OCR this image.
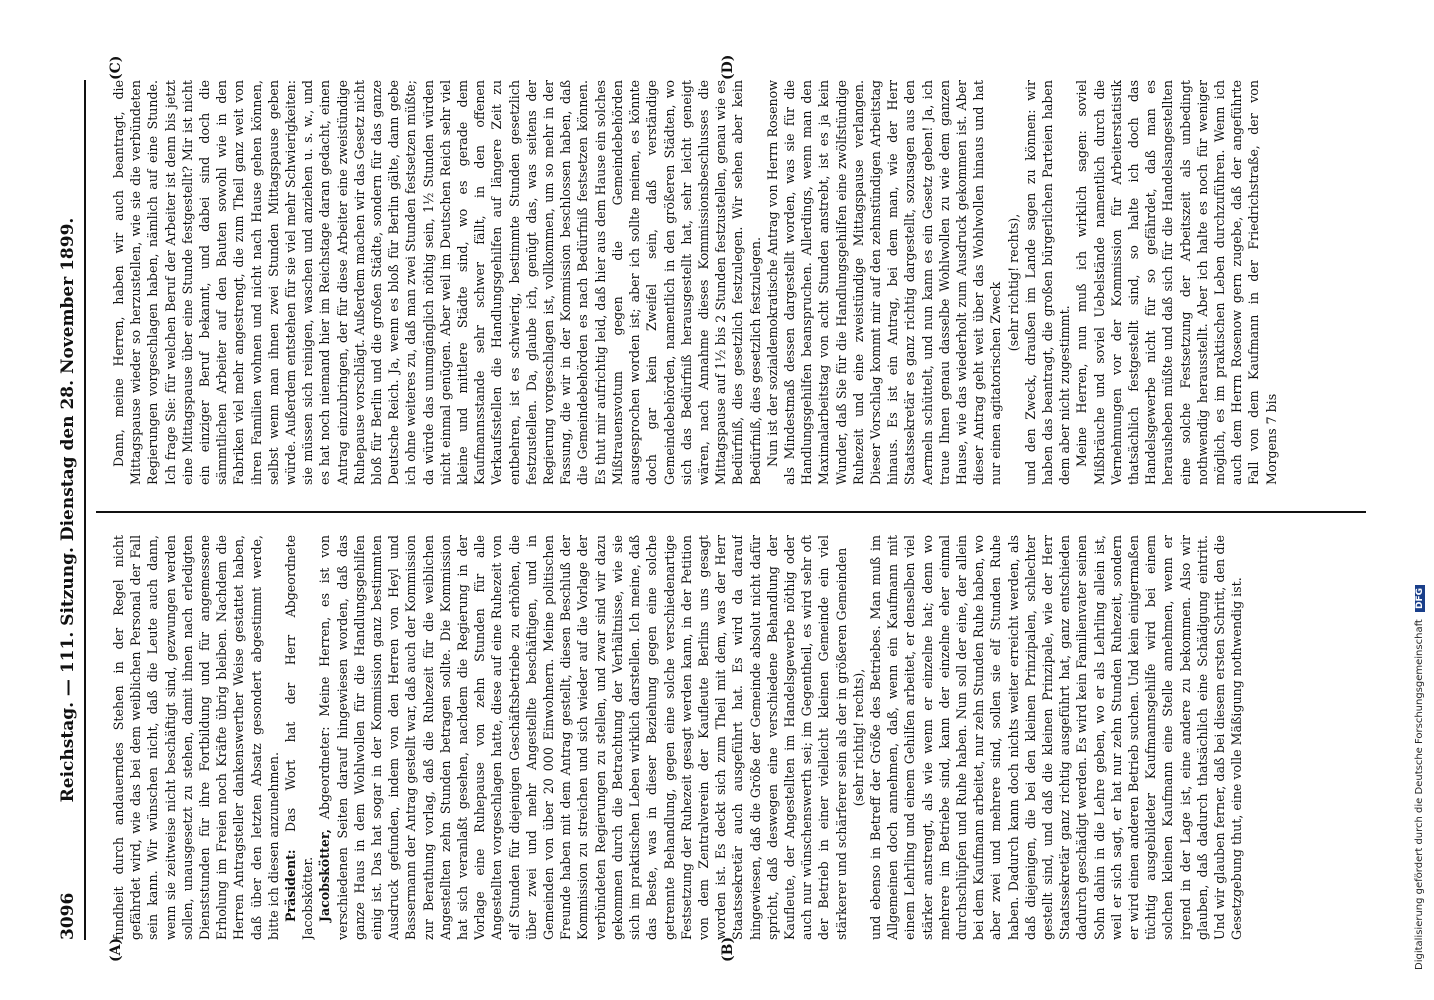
3096
Reichstag. — 111. Sitzung. Dienstag den 28. November 1899.
(A)	(B)
(C)	(D)

fundheit durch andauerndes Stehen in der Regel nicht gefährdet wird, wie das bei dem weiblichen Personal der Fall sein kann. Wir wünschen nicht, daß die Leute auch dann, wenn sie zeitweise nicht beschäftigt sind, gezwungen werden sollen, unausgesetzt zu stehen, damit ihnen nach erledigten Dienststunden für ihre Fortbildung und für angemessene Erholung im Freien noch Kräfte übrig bleiben. Nachdem die Herren Antragsteller dankenswerther Weise gestattet haben, daß über den letzten Absatz gesondert abgestimmt werde, bitte ich diesen anzunehmen. Präsident: Das Wort hat der Herr Abgeordnete Jacobskötter. Jacobskötter, Abgeordneter: Meine Herren, es ist von verschiedenen Seiten darauf hingewiesen worden, daß das ganze Haus in dem Wohlwollen für die Handlungsgehilfen einig ist. Das hat sogar in der Kommission ganz bestimmten Ausdruck gefunden, indem von den Herren von Heyl und Bassermann der Antrag gestellt war, daß auch der Kommission zur Berathung vorlag, daß die Ruhezeit für die weiblichen Angestellten zehn Stunden betragen sollte. Die Kommission hat sich veranlaßt gesehen, nachdem die Regierung in der Vorlage eine Ruhepause von zehn Stunden für alle Angestellten vorgeschlagen hatte, diese auf eine Ruhezeit von elf Stunden für diejenigen Geschäftsbetriebe zu erhöhen, die über zwei und mehr Angestellte beschäftigen, und in Gemeinden von über 20 000 Einwohnern. Meine politischen Freunde haben mit dem Antrag gestellt, diesen Beschluß der Kommission zu streichen und sich wieder auf die Vorlage der verbündeten Regierungen zu stellen, und zwar sind wir dazu gekommen durch die Betrachtung der Verhältnisse, wie sie sich im praktischen Leben wirklich darstellen. Ich meine, daß das Beste, was in dieser Beziehung gegen eine solche getrennte Behandlung, gegen eine solche verschiedenartige Festsetzung der Ruhezeit gesagt werden kann, in der Petition von dem Zentralverein der Kaufleute Berlins uns gesagt worden ist. Es deckt sich zum Theil mit dem, was der Herr Staatssekretär auch ausgeführt hat. Es wird da darauf hingewiesen, daß die Größe der Gemeinde absolut nicht dafür spricht, daß deswegen eine verschiedene Behandlung der Kaufleute, der Angestellten im Handelsgewerbe nöthig oder auch nur wünschenswerth sei; im Gegentheil, es wird sehr oft der Betrieb in einer vielleicht kleinen Gemeinde ein viel stärkerer und schärferer sein als der in größeren Gemeinden (sehr richtig! rechts), und ebenso in Betreff der Größe des Betriebes. Man muß im Allgemeinen doch annehmen, daß, wenn ein Kaufmann mit einem Lehrling und einem Gehilfen arbeitet, er denselben viel stärker anstrengt, als wie wenn er einzelne hat; denn wo mehrere im Betriebe sind, kann der einzelne eher einmal durchschlüpfen und Ruhe haben. Nun soll der eine, der allein bei dem Kaufmann arbeitet, nur zehn Stunden Ruhe haben, wo aber zwei und mehrere sind, sollen sie elf Stunden Ruhe haben. Dadurch kann doch nichts weiter erreicht werden, als daß diejenigen, die bei den kleinen Prinzipalen, schlechter gestellt sind, und daß die kleinen Prinzipale, wie der Herr Staatssekretär ganz richtig ausgeführt hat, ganz entschieden dadurch geschädigt werden. Es wird kein Familienvater seinen Sohn dahin in die Lehre geben, wo er als Lehrling allein ist, weil er sich sagt, er hat nur zehn Stunden Ruhezeit, sondern er wird einen anderen Betrieb suchen. Und kein einigermaßen tüchtig ausgebildeter Kaufmannsgehilfe wird bei einem solchen kleinen Kaufmann eine Stelle annehmen, wenn er irgend in der Lage ist, eine andere zu bekommen. Also wir glauben, daß dadurch thatsächlich eine Schädigung eintritt. Und wir glauben ferner, daß bei diesem ersten Schritt, den die Gesetzgebung thut, eine volle Mäßigung nothwendig ist.

Dann, meine Herren, haben wir auch beantragt, die Mittagspause wieder so herzustellen, wie sie die verbündeten Regierungen vorgeschlagen haben, nämlich auf eine Stunde. Ich frage Sie: für welchen Beruf der Arbeiter ist denn bis jetzt eine Mittagspause über eine Stunde festgestellt? Mir ist nicht ein einziger Beruf bekannt, und dabei sind doch die sämmtlichen Arbeiter auf den Bauten sowohl wie in den Fabriken viel mehr angestrengt, die zum Theil ganz weit von ihren Familien wohnen und nicht nach Hause gehen können, selbst wenn man ihnen zwei Stunden Mittagspause geben würde. Außerdem entstehen für sie viel mehr Schwierigkeiten: sie müssen sich reinigen, waschen und anziehen u. s. w., und es hat noch niemand hier im Reichstage daran gedacht, einen Antrag einzubringen, der für diese Arbeiter eine zweistündige Ruhepause vorschlägt. Außerdem machen wir das Gesetz nicht bloß für Berlin und die großen Städte, sondern für das ganze Deutsche Reich. Ja, wenn es bloß für Berlin gälte, dann gebe ich ohne weiteres zu, daß man zwei Stunden festsetzen müßte; da würde das unumgänglich nöthig sein, 1½ Stunden würden nicht einmal genügen. Aber weil im Deutschen Reich sehr viel kleine und mittlere Städte sind, wo es gerade dem Kaufmannsstande sehr schwer fällt, in den offenen Verkaufsstellen die Handlungsgehilfen auf längere Zeit zu entbehren, ist es schwierig, bestimmte Stunden gesetzlich festzustellen. Da, glaube ich, genügt das, was seitens der Regierung vorgeschlagen ist, vollkommen, um so mehr in der Fassung, die wir in der Kommission beschlossen haben, daß die Gemeindebehörden es nach Bedürfniß festsetzen können. Es thut mir aufrichtig leid, daß hier aus dem Hause ein solches Mißtrauensvotum gegen die Gemeindebehörden ausgesprochen worden ist; aber ich sollte meinen, es könnte doch gar kein Zweifel sein, daß verständige Gemeindebehörden, namentlich in den größeren Städten, wo sich das Bedürfniß herausgestellt hat, sehr leicht geneigt wären, nach Annahme dieses Kommissionsbeschlusses die Mittagspause auf 1½ bis 2 Stunden festzustellen, genau wie es Bedürfniß, dies gesetzlich festzulegen. Wir sehen aber kein Bedürfniß, dies gesetzlich festzulegen. Nun ist der sozialdemokratische Antrag von Herrn Rosenow als Mindestmaß dessen dargestellt worden, was sie für die Handlungsgehilfen beanspruchen. Allerdings, wenn man den Maximalarbeitstag von acht Stunden anstrebt, ist es ja kein Wunder, daß Sie für die Handlungsgehilfen eine zwölfstündige Ruhezeit und eine zweistündige Mittagspause verlangen. Dieser Vorschlag kommt mir auf den zehnstündigen Arbeitstag hinaus. Es ist ein Antrag, bei dem man, wie der Herr Staatssekretär es ganz richtig dargestellt, sozusagen aus den Aermeln schüttelt, und nun kann es ein Gesetz geben! Ja, ich traue Ihnen genau dasselbe Wohlwollen zu wie dem ganzen Hause, wie das wiederholt zum Ausdruck gekommen ist. Aber dieser Antrag geht weit über das Wohlwollen hinaus und hat nur einen agitatorischen Zweck (sehr richtig! rechts), und den Zweck, draußen im Lande sagen zu können: wir haben das beantragt, die großen bürgerlichen Parteien haben dem aber nicht zugestimmt. Meine Herren, nun muß ich wirklich sagen: soviel Mißbräuche und soviel Uebelstände namentlich durch die Vernehmungen vor der Kommission für Arbeiterstatistik thatsächlich festgestellt sind, so halte ich doch das Handelsgewerbe nicht für so gefährdet, daß man es herausheben müßte und daß sich für die Handelsangestellten eine solche Festsetzung der Arbeitszeit als unbedingt nothwendig herausstellt. Aber ich halte es noch für weniger möglich, es im praktischen Leben durchzuführen. Wenn ich auch dem Herrn Rosenow gern zugebe, daß der angeführte Fall von dem Kaufmann in der Friedrichstraße, der von Morgens 7 bis

Digitalisierung gefördert durch die Deutsche Forschungsgemeinschaft DFG
